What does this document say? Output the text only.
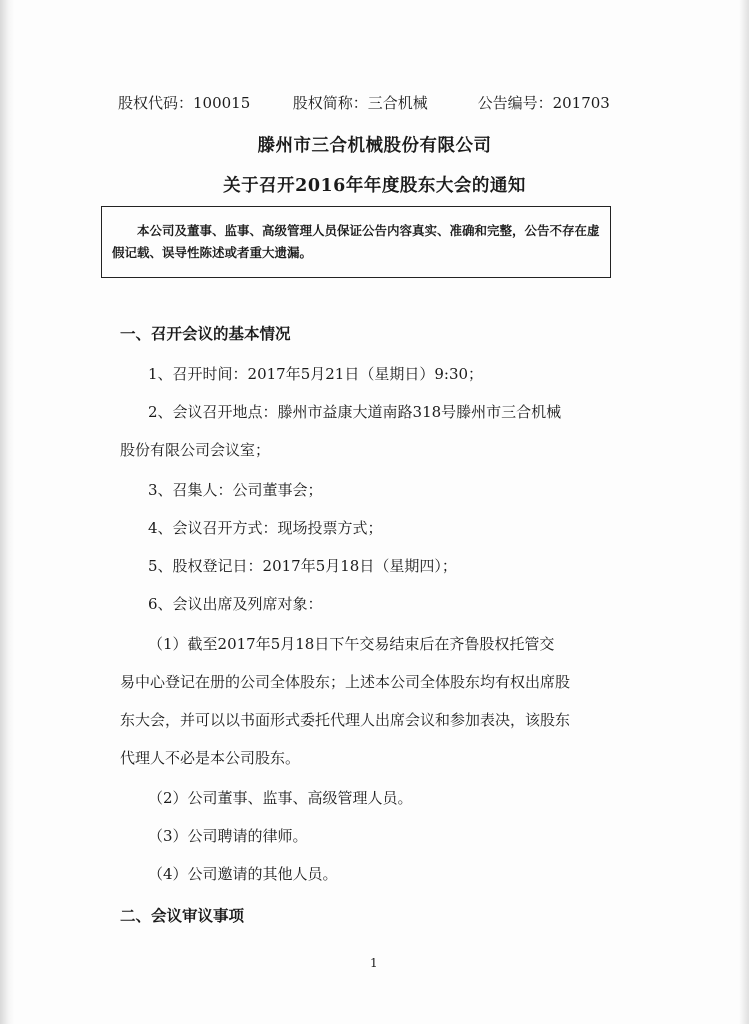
股权代码：100015	股权简称：三合机械	公告编号：201703
滕州市三合机械股份有限公司
关于召开2016年年度股东大会的通知
本公司及董事、监事、高级管理人员保证公告内容真实、准确和完整，公告不存在虚假记载、误导性陈述或者重大遗漏。
一、召开会议的基本情况
1、召开时间：2017年5月21日（星期日）9:30；
2、会议召开地点：滕州市益康大道南路318号滕州市三合机械
股份有限公司会议室；
3、召集人：公司董事会；
4、会议召开方式：现场投票方式；
5、股权登记日：2017年5月18日（星期四）；
6、会议出席及列席对象：
（1）截至2017年5月18日下午交易结束后在齐鲁股权托管交
易中心登记在册的公司全体股东；上述本公司全体股东均有权出席股
东大会，并可以以书面形式委托代理人出席会议和参加表决，该股东
代理人不必是本公司股东。
（2）公司董事、监事、高级管理人员。
（3）公司聘请的律师。
（4）公司邀请的其他人员。
二、会议审议事项
1
